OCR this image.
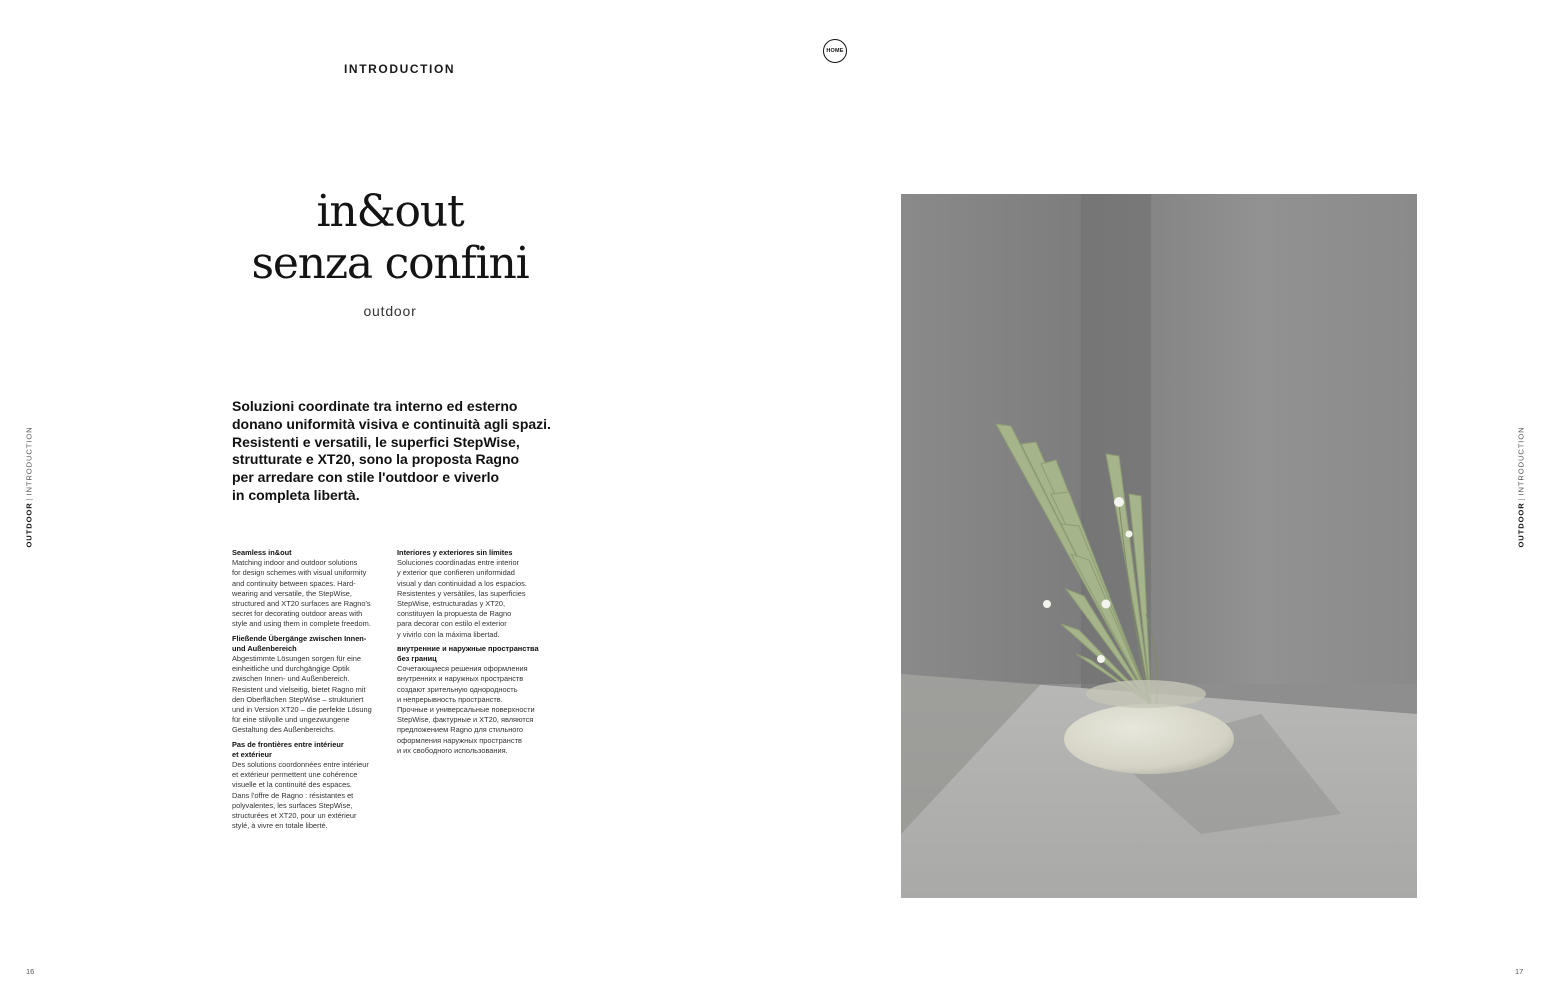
INTRODUCTION
HOME
in&out
senza confini
outdoor

Soluzioni coordinate tra interno ed esterno
donano uniformità visiva e continuità agli spazi.
Resistenti e versatili, le superfici StepWise,
strutturate e XT20, sono la proposta Ragno
per arredare con stile l'outdoor e viverlo
in completa libertà.

Seamless in&out
Matching indoor and outdoor solutions
for design schemes with visual uniformity
and continuity between spaces. Hard-
wearing and versatile, the StepWise,
structured and XT20 surfaces are Ragno's
secret for decorating outdoor areas with
style and using them in complete freedom.
Fließende Übergänge zwischen Innen-
und Außenbereich
Abgestimmte Lösungen sorgen für eine
einheitliche und durchgängige Optik
zwischen Innen- und Außenbereich.
Resistent und vielseitig, bietet Ragno mit
den Oberflächen StepWise – strukturiert
und in Version XT20 – die perfekte Lösung
für eine stilvolle und ungezwungene
Gestaltung des Außenbereichs.
Pas de frontières entre intérieur
et extérieur
Des solutions coordonnées entre intérieur
et extérieur permettent une cohérence
visuelle et la continuité des espaces.
Dans l'offre de Ragno : résistantes et
polyvalentes, les surfaces StepWise,
structurées et XT20, pour un extérieur
stylé, à vivre en totale liberté.
Interiores y exteriores sin límites
Soluciones coordinadas entre interior
y exterior que confieren uniformidad
visual y dan continuidad a los espacios.
Resistentes y versátiles, las superficies
StepWise, estructuradas y XT20,
constituyen la propuesta de Ragno
para decorar con estilo el exterior
y vivirlo con la máxima libertad.
внутренние и наружные пространства
без границ
Сочетающиеся решения оформления
внутренних и наружных пространств
создают зрительную однородность
и непрерывность пространств.
Прочные и универсальные поверхности
StepWise, фактурные и XT20, являются
предложением Ragno для стильного
оформления наружных пространств
и их свободного использования.
OUTDOOR|INTRODUCTION
OUTDOOR|INTRODUCTION
16	17
